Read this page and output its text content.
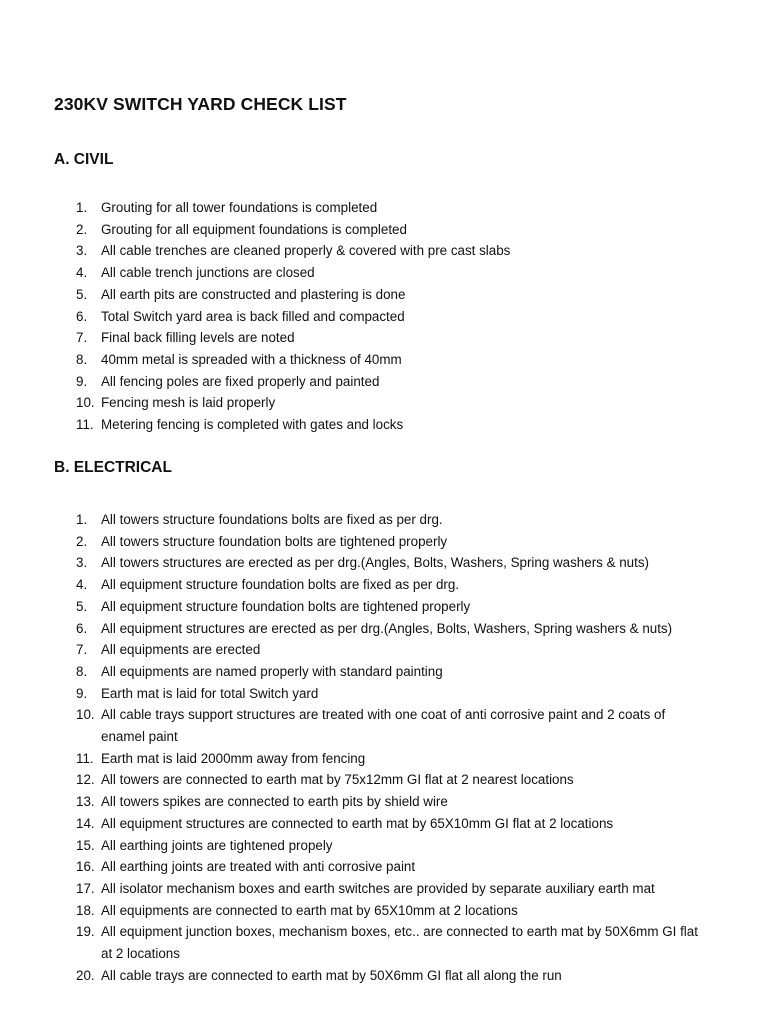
230KV SWITCH YARD CHECK LIST
A. CIVIL
1. Grouting for all tower foundations is completed
2. Grouting for all equipment foundations is completed
3. All cable trenches are cleaned properly & covered with pre cast slabs
4. All cable trench junctions are closed
5. All earth pits are constructed and plastering is done
6. Total Switch yard area is back filled and compacted
7. Final back filling levels are noted
8. 40mm metal is spreaded with a thickness of 40mm
9. All fencing poles are fixed properly and painted
10. Fencing mesh is laid properly
11. Metering fencing is completed with gates and locks
B. ELECTRICAL
1. All towers structure foundations bolts are fixed as per drg.
2. All towers structure foundation bolts are tightened properly
3. All towers structures are erected as per drg.(Angles, Bolts, Washers, Spring washers & nuts)
4. All equipment structure foundation bolts are fixed as per drg.
5. All equipment structure foundation bolts are tightened properly
6. All equipment structures are erected as per drg.(Angles, Bolts, Washers, Spring washers & nuts)
7. All equipments are erected
8. All equipments are named properly with standard painting
9. Earth mat is laid for total Switch yard
10. All cable trays support structures are treated with one coat of anti corrosive paint and 2 coats of enamel paint
11. Earth mat is laid 2000mm away from fencing
12. All towers are connected to earth mat by 75x12mm GI flat at 2 nearest locations
13. All towers spikes are connected to earth pits by shield wire
14. All equipment structures are connected to earth mat by 65X10mm GI flat at 2 locations
15. All earthing joints are tightened propely
16. All earthing joints are treated with anti corrosive paint
17. All isolator mechanism boxes and earth switches are provided by separate auxiliary earth mat
18. All equipments are connected to earth mat by 65X10mm at 2 locations
19. All equipment junction boxes, mechanism boxes, etc.. are connected to earth mat by 50X6mm GI flat at 2 locations
20. All cable trays are connected to earth mat by 50X6mm GI flat all along the run
